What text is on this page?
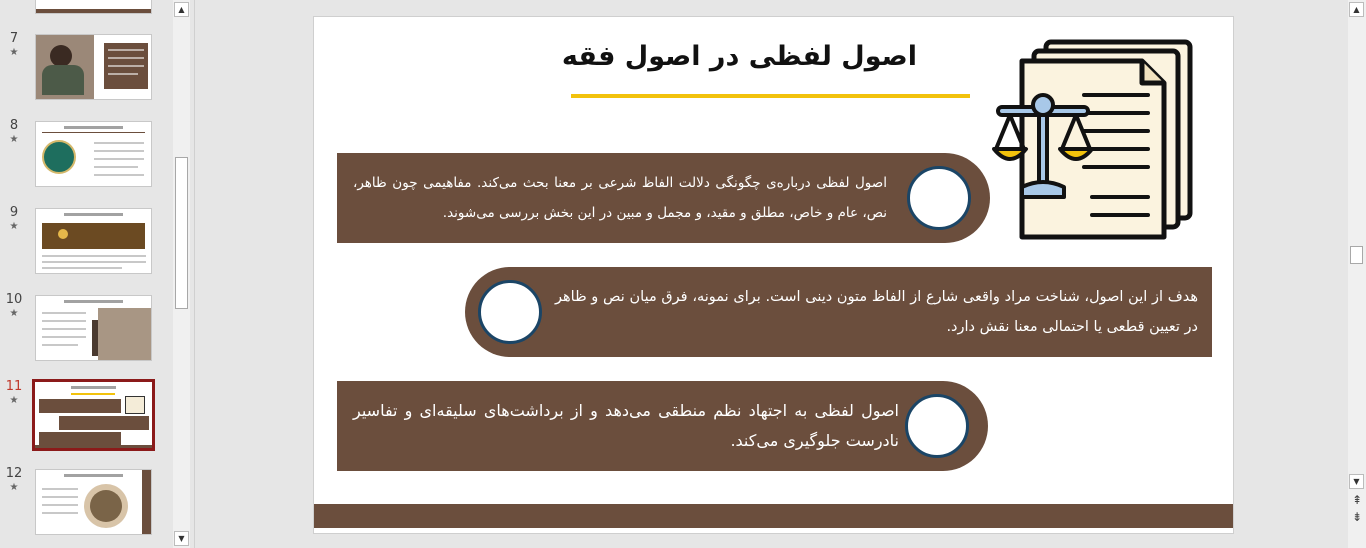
7
★
8
★
9
★
10
★
11
★
12
★
▲
▼
اصول لفظی در اصول فقه
اصول لفظی درباره‌ی چگونگی دلالت الفاظ شرعی بر معنا بحث می‌کند. مفاهیمی چون ظاهر، نص، عام و خاص، مطلق و مقید، و مجمل و مبین در این بخش بررسی می‌شوند.
هدف از این اصول، شناخت مراد واقعی شارع از الفاظ متون دینی است. برای نمونه، فرق میان نص و ظاهر در تعیین قطعی یا احتمالی معنا نقش دارد.
اصول لفظی به اجتهاد نظم منطقی می‌دهد و از برداشت‌های سلیقه‌ای و تفاسیر نادرست جلوگیری می‌کند.
▲
▼
⇞
⇟
